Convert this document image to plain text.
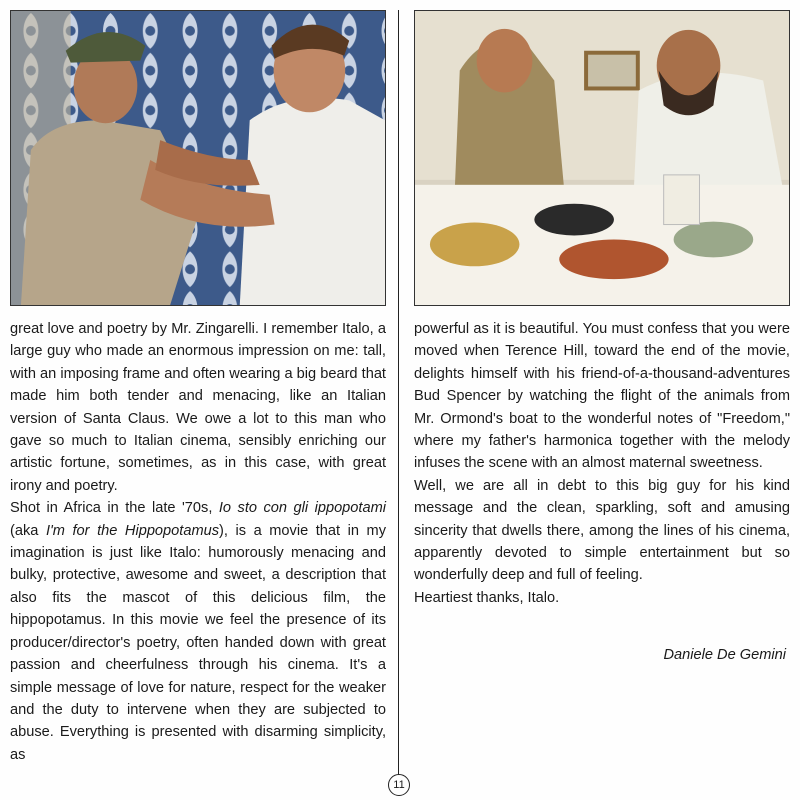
great love and poetry by Mr. Zingarelli. I remember Italo, a large guy who made an enormous impression on me: tall, with an imposing frame and often wearing a big beard that made him both tender and menacing, like an Italian version of Santa Claus. We owe a lot to this man who gave so much to Italian cinema, sensibly enriching our artistic fortune, sometimes, as in this case, with great irony and poetry.

Shot in Africa in the late '70s, Io sto con gli ippopotami (aka I'm for the Hippopotamus), is a movie that in my imagination is just like Italo: humorously menacing and bulky, protective, awesome and sweet, a description that also fits the mascot of this delicious film, the hippopotamus. In this movie we feel the presence of its producer/director's poetry, often handed down with great passion and cheerfulness through his cinema. It's a simple message of love for nature, respect for the weaker and the duty to intervene when they are subjected to abuse. Everything is presented with disarming simplicity, as

powerful as it is beautiful. You must confess that you were moved when Terence Hill, toward the end of the movie, delights himself with his friend-of-a-thousand-adventures Bud Spencer by watching the flight of the animals from Mr. Ormond's boat to the wonderful notes of "Freedom," where my father's harmonica together with the melody infuses the scene with an almost maternal sweetness.

Well, we are all in debt to this big guy for his kind message and the clean, sparkling, soft and amusing sincerity that dwells there, among the lines of his cinema, apparently devoted to simple entertainment but so wonderfully deep and full of feeling.

Heartiest thanks, Italo.

Daniele De Gemini
11
